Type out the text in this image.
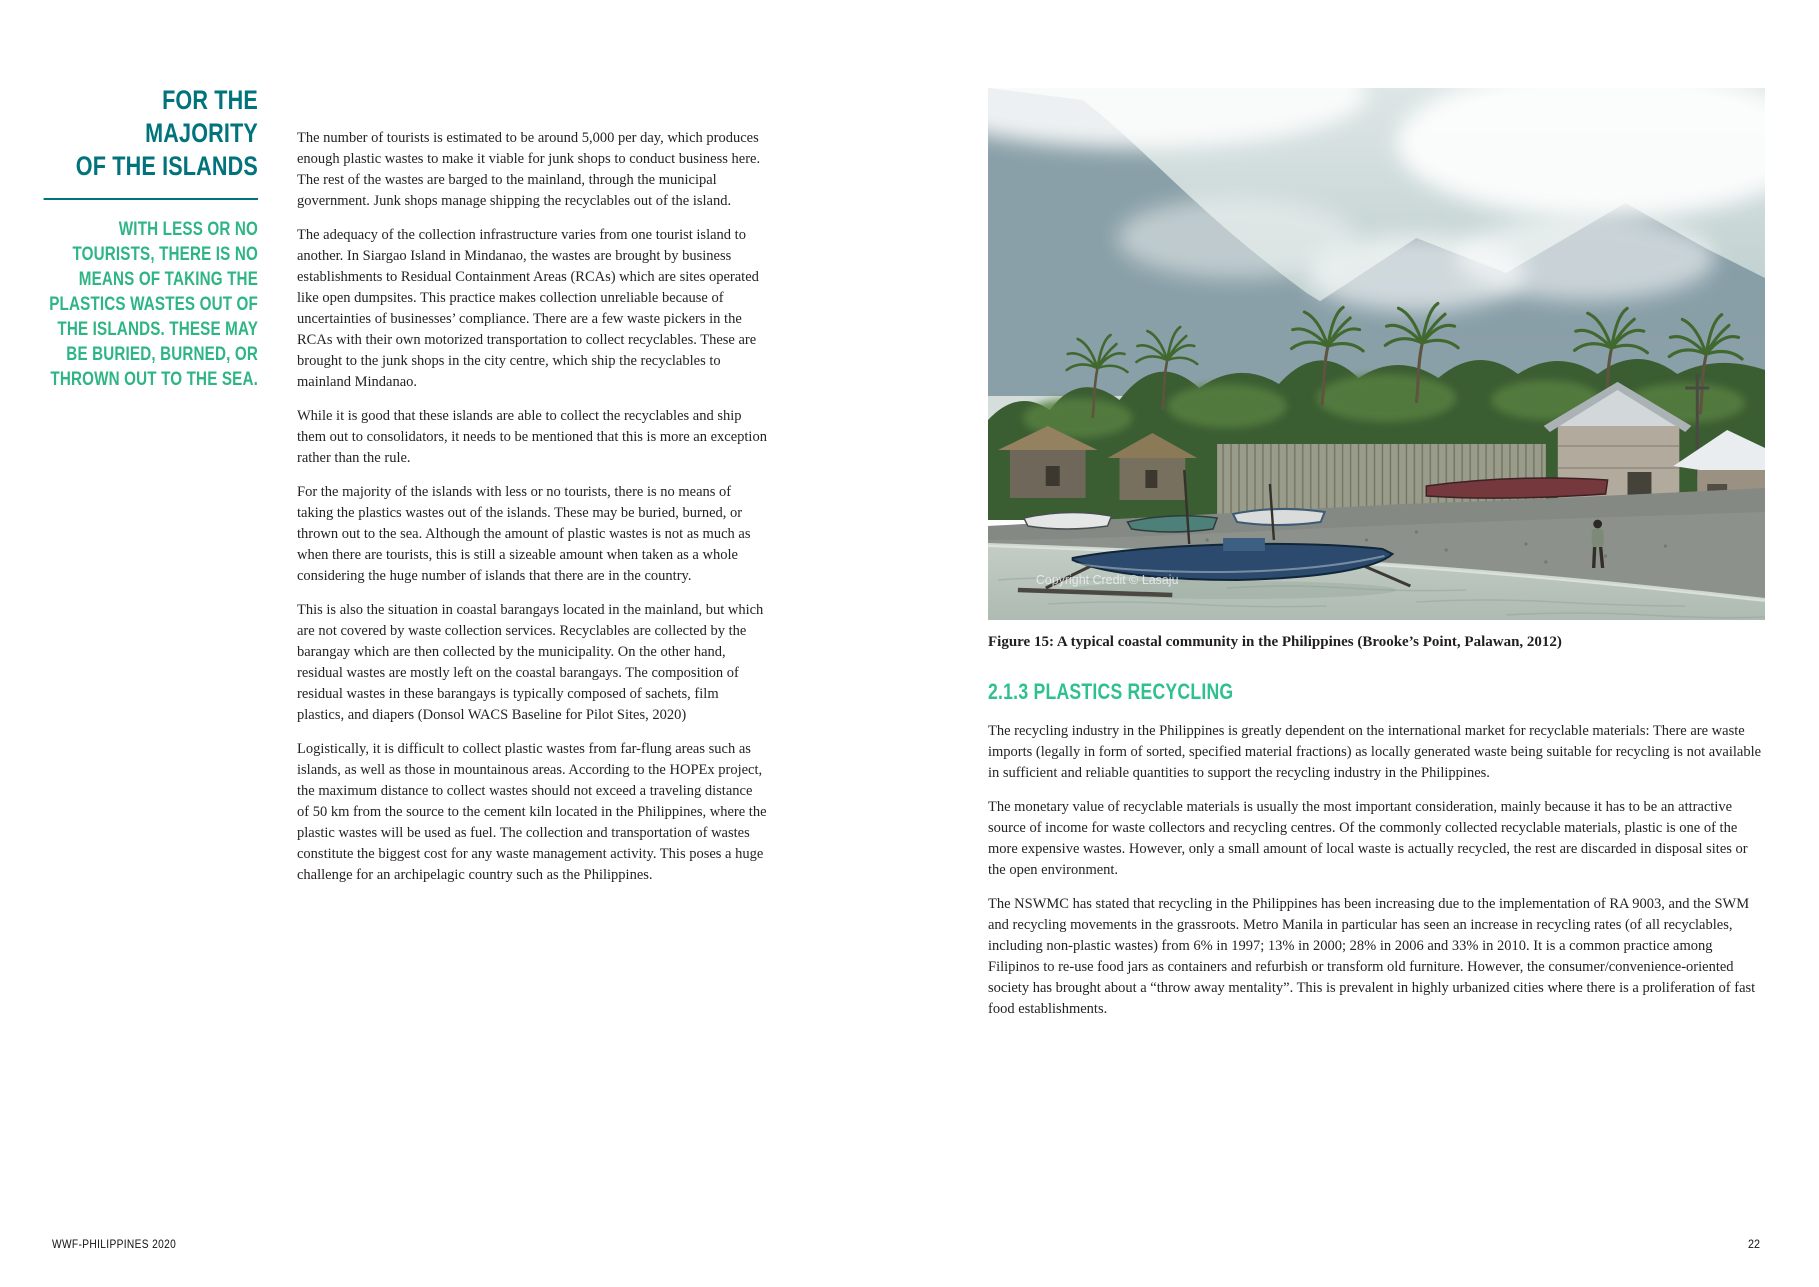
FOR THE MAJORITY
OF THE ISLANDS
WITH LESS OR NO TOURISTS, THERE IS NO MEANS OF TAKING THE PLASTICS WASTES OUT OF THE ISLANDS. THESE MAY BE BURIED, BURNED, OR THROWN OUT TO THE SEA.

The number of tourists is estimated to be around 5,000 per day, which produces enough plastic wastes to make it viable for junk shops to conduct business here. The rest of the wastes are barged to the mainland, through the municipal government. Junk shops manage shipping the recyclables out of the island.

The adequacy of the collection infrastructure varies from one tourist island to another. In Siargao Island in Mindanao, the wastes are brought by business establishments to Residual Containment Areas (RCAs) which are sites operated like open dumpsites. This practice makes collection unreliable because of uncertainties of businesses’ compliance. There are a few waste pickers in the RCAs with their own motorized transportation to collect recyclables. These are brought to the junk shops in the city centre, which ship the recyclables to mainland Mindanao.

While it is good that these islands are able to collect the recyclables and ship them out to consolidators, it needs to be mentioned that this is more an exception rather than the rule.

For the majority of the islands with less or no tourists, there is no means of taking the plastics wastes out of the islands. These may be buried, burned, or thrown out to the sea. Although the amount of plastic wastes is not as much as when there are tourists, this is still a sizeable amount when taken as a whole considering the huge number of islands that there are in the country.

This is also the situation in coastal barangays located in the mainland, but which are not covered by waste collection services. Recyclables are collected by the barangay which are then collected by the municipality. On the other hand, residual wastes are mostly left on the coastal barangays. The composition of residual wastes in these barangays is typically composed of sachets, film plastics, and diapers (Donsol WACS Baseline for Pilot Sites, 2020)

Logistically, it is difficult to collect plastic wastes from far-flung areas such as islands, as well as those in mountainous areas. According to the HOPEx project, the maximum distance to collect wastes should not exceed a traveling distance of 50 km from the source to the cement kiln located in the Philippines, where the plastic wastes will be used as fuel. The collection and transportation of wastes constitute the biggest cost for any waste management activity. This poses a huge challenge for an archipelagic country such as the Philippines.

Copyright Credit © Lasaju
Figure 15: A typical coastal community in the Philippines (Brooke’s Point, Palawan, 2012)
2.1.3 PLASTICS RECYCLING

The recycling industry in the Philippines is greatly dependent on the international market for recyclable materials: There are waste imports (legally in form of sorted, specified material fractions) as locally generated waste being suitable for recycling is not available in sufficient and reliable quantities to support the recycling industry in the Philippines.

The monetary value of recyclable materials is usually the most important consideration, mainly because it has to be an attractive source of income for waste collectors and recycling centres. Of the commonly collected recyclable materials, plastic is one of the more expensive wastes. However, only a small amount of local waste is actually recycled, the rest are discarded in disposal sites or the open environment.

The NSWMC has stated that recycling in the Philippines has been increasing due to the implementation of RA 9003, and the SWM and recycling movements in the grassroots. Metro Manila in particular has seen an increase in recycling rates (of all recyclables, including non-plastic wastes) from 6% in 1997; 13% in 2000; 28% in 2006 and 33% in 2010. It is a common practice among Filipinos to re-use food jars as containers and refurbish or transform old furniture. However, the consumer/convenience-oriented society has brought about a “throw away mentality”. This is prevalent in highly urbanized cities where there is a proliferation of fast food establishments.

WWF-PHILIPPINES 2020	22
